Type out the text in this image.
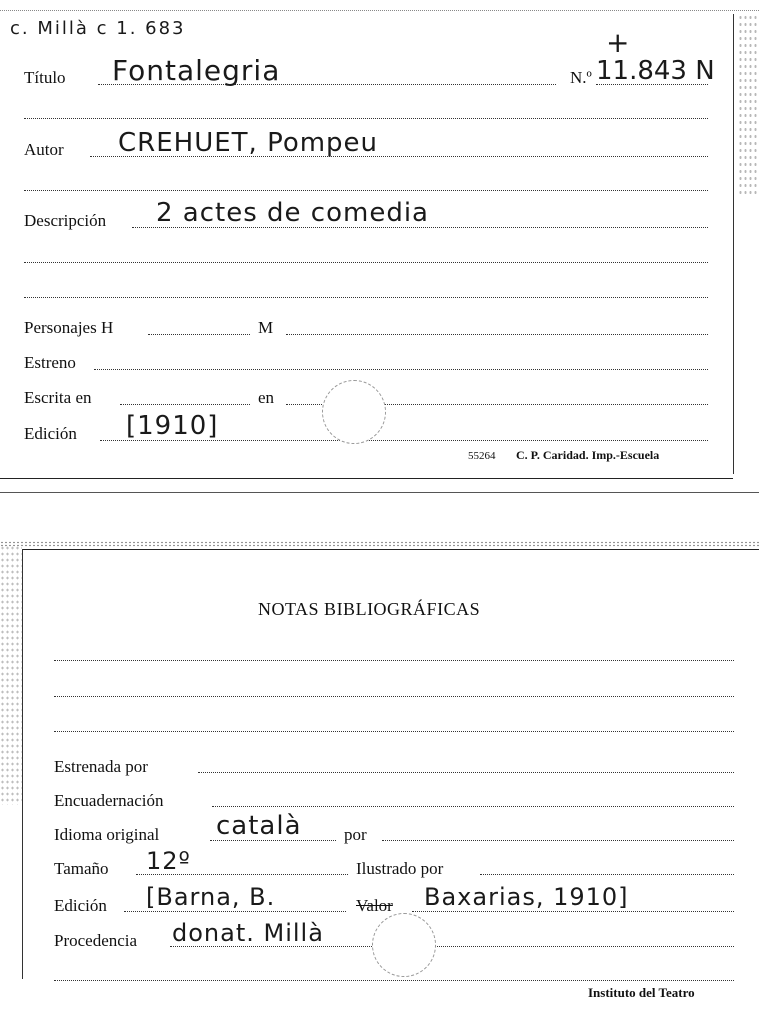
c. Millà c 1. 683	+
Título Fontalegria	N.º 11.843 N
Autor CREHUET, Pompeu
Descripción 2 actes de comedia
Personajes H	M
Estreno
Escrita en	en
Edición [1910]
55264 C. P. Caridad. Imp.-Escuela
NOTAS BIBLIOGRÁFICAS
Estrenada por
Encuadernación
Idioma original català por
Tamaño 12º	Ilustrado por
Edición [Barna, B.	Valor Baxarias, 1910]
Procedencia donat. Millà
Instituto del Teatro
